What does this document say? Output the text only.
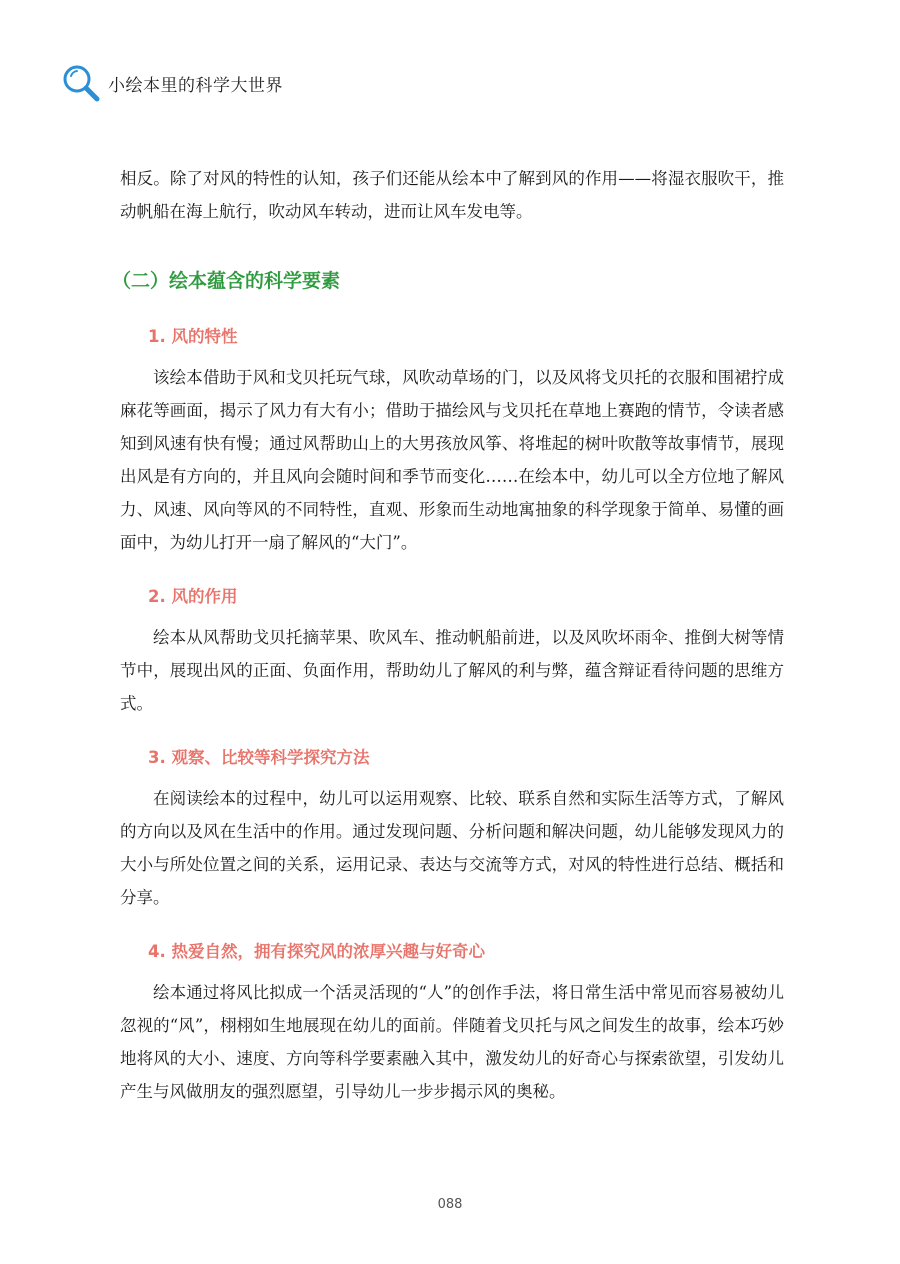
小绘本里的科学大世界

相反。除了对风的特性的认知，孩子们还能从绘本中了解到风的作用——将湿衣服吹干，推动帆船在海上航行，吹动风车转动，进而让风车发电等。

（二）绘本蕴含的科学要素
1. 风的特性

该绘本借助于风和戈贝托玩气球，风吹动草场的门，以及风将戈贝托的衣服和围裙拧成麻花等画面，揭示了风力有大有小；借助于描绘风与戈贝托在草地上赛跑的情节，令读者感知到风速有快有慢；通过风帮助山上的大男孩放风筝、将堆起的树叶吹散等故事情节，展现出风是有方向的，并且风向会随时间和季节而变化……在绘本中，幼儿可以全方位地了解风力、风速、风向等风的不同特性，直观、形象而生动地寓抽象的科学现象于简单、易懂的画面中，为幼儿打开一扇了解风的“大门”。

2. 风的作用

绘本从风帮助戈贝托摘苹果、吹风车、推动帆船前进，以及风吹坏雨伞、推倒大树等情节中，展现出风的正面、负面作用，帮助幼儿了解风的利与弊，蕴含辩证看待问题的思维方式。

3. 观察、比较等科学探究方法

在阅读绘本的过程中，幼儿可以运用观察、比较、联系自然和实际生活等方式，了解风的方向以及风在生活中的作用。通过发现问题、分析问题和解决问题，幼儿能够发现风力的大小与所处位置之间的关系，运用记录、表达与交流等方式，对风的特性进行总结、概括和分享。

4. 热爱自然，拥有探究风的浓厚兴趣与好奇心

绘本通过将风比拟成一个活灵活现的“人”的创作手法，将日常生活中常见而容易被幼儿忽视的“风”，栩栩如生地展现在幼儿的面前。伴随着戈贝托与风之间发生的故事，绘本巧妙地将风的大小、速度、方向等科学要素融入其中，激发幼儿的好奇心与探索欲望，引发幼儿产生与风做朋友的强烈愿望，引导幼儿一步步揭示风的奥秘。

088
